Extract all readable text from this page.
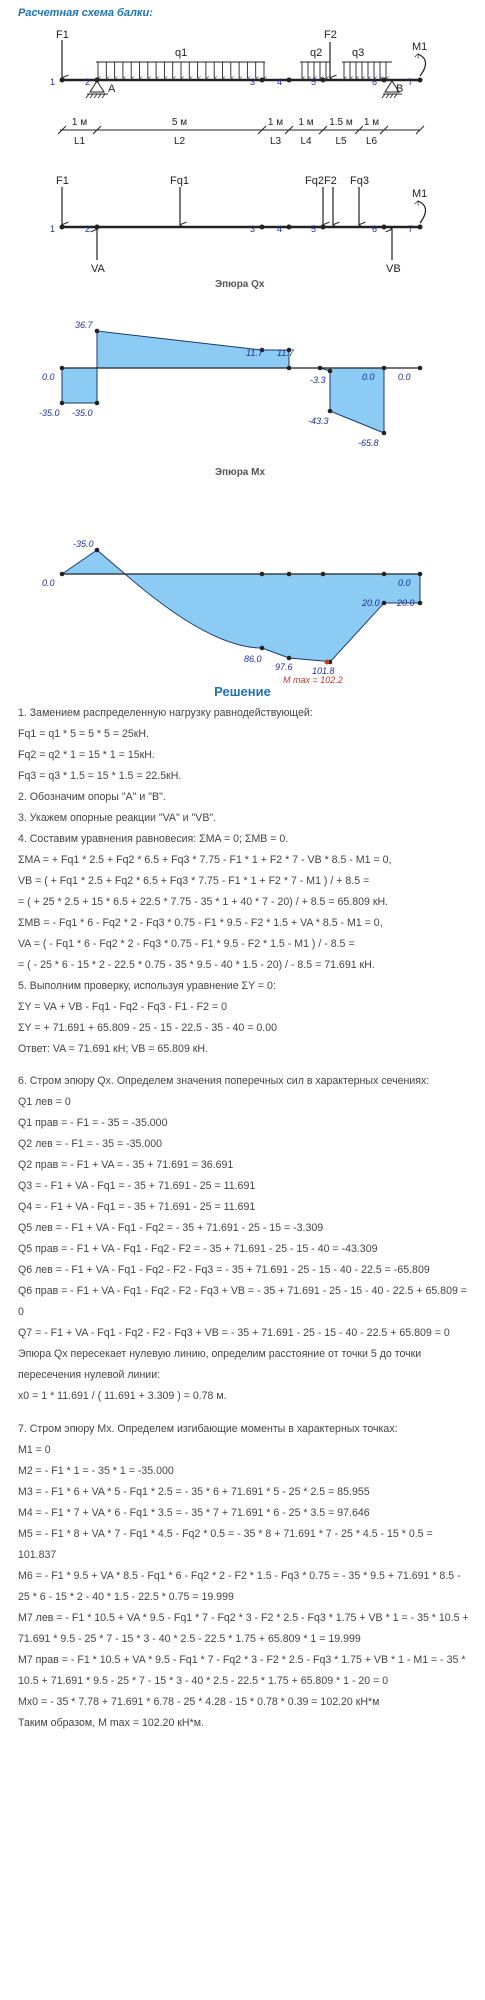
Расчетная схема балки:
F1	F2
q1	q2	q3	M1
A	B
1	2	3 4	5	6	7
1 м
L1
5 м
L2
1 м
L3
1 м
L4
1.5 м
L5
1 м
L6
F1	Fq1	Fq2F2 Fq3
VA	VB
M1
1	2	3 4	5	6	7
Эпюра Qx
36.7
11.7 11.7
0.0
-35.0 -35.0
-3.3	0.0	0.0
-43.3
-65.8
Эпюра Mx
-35.0
0.0	0.0
20.0 20.0
86.0
97.6 101.8
M max = 102.2
Решение
1. Замением распределенную нагрузку равнодействующей:
Fq1 = q1 * 5 = 5 * 5 = 25кН.
Fq2 = q2 * 1 = 15 * 1 = 15кН.
Fq3 = q3 * 1.5 = 15 * 1.5 = 22.5кН.
2. Обозначим опоры "A" и "B".
3. Укажем опорные реакции "VA" и "VB".
4. Составим уравнения равновесия: ΣMA = 0; ΣMB = 0.
ΣMA = + Fq1 * 2.5 + Fq2 * 6.5 + Fq3 * 7.75 - F1 * 1 + F2 * 7 - VB * 8.5 - M1 = 0,
VB = ( + Fq1 * 2.5 + Fq2 * 6.5 + Fq3 * 7.75 - F1 * 1 + F2 * 7 - M1 ) / + 8.5 =
= ( + 25 * 2.5 + 15 * 6.5 + 22.5 * 7.75 - 35 * 1 + 40 * 7 - 20) / + 8.5 = 65.809 кН.
ΣMB = - Fq1 * 6 - Fq2 * 2 - Fq3 * 0.75 - F1 * 9.5 - F2 * 1.5 + VA * 8.5 - M1 = 0,
VA = ( - Fq1 * 6 - Fq2 * 2 - Fq3 * 0.75 - F1 * 9.5 - F2 * 1.5 - M1 ) / - 8.5 =
= ( - 25 * 6 - 15 * 2 - 22.5 * 0.75 - 35 * 9.5 - 40 * 1.5 - 20) / - 8.5 = 71.691 кН.
5. Выполним проверку, используя уравнение ΣY = 0:
ΣY = VA + VB - Fq1 - Fq2 - Fq3 - F1 - F2 = 0
ΣY = + 71.691 + 65.809 - 25 - 15 - 22.5 - 35 - 40 = 0.00
Ответ: VA = 71.691 кН; VB = 65.809 кН.
6. Стром эпюру Qx. Определем значения поперечных сил в характерных сечениях:
Q1 лев = 0
Q1 прав = - F1 = - 35 = -35.000
Q2 лев = - F1 = - 35 = -35.000
Q2 прав = - F1 + VA = - 35 + 71.691 = 36.691
Q3 = - F1 + VA - Fq1 = - 35 + 71.691 - 25 = 11.691
Q4 = - F1 + VA - Fq1 = - 35 + 71.691 - 25 = 11.691
Q5 лев = - F1 + VA - Fq1 - Fq2 = - 35 + 71.691 - 25 - 15 = -3.309
Q5 прав = - F1 + VA - Fq1 - Fq2 - F2 = - 35 + 71.691 - 25 - 15 - 40 = -43.309
Q6 лев = - F1 + VA - Fq1 - Fq2 - F2 - Fq3 = - 35 + 71.691 - 25 - 15 - 40 - 22.5 = -65.809
Q6 прав = - F1 + VA - Fq1 - Fq2 - F2 - Fq3 + VB = - 35 + 71.691 - 25 - 15 - 40 - 22.5 + 65.809 = 0
Q7 = - F1 + VA - Fq1 - Fq2 - F2 - Fq3 + VB = - 35 + 71.691 - 25 - 15 - 40 - 22.5 + 65.809 = 0
Эпюра Qx пересекает нулевую линию, определим расстояние от точки 5 до точки пересечения нулевой линии:
x0 = 1 * 11.691 / ( 11.691 + 3.309 ) = 0.78 м.
7. Стром эпюру Mx. Определем изгибающие моменты в характерных точках:
M1 = 0
M2 = - F1 * 1 = - 35 * 1 = -35.000
M3 = - F1 * 6 + VA * 5 - Fq1 * 2.5 = - 35 * 6 + 71.691 * 5 - 25 * 2.5 = 85.955
M4 = - F1 * 7 + VA * 6 - Fq1 * 3.5 = - 35 * 7 + 71.691 * 6 - 25 * 3.5 = 97.646
M5 = - F1 * 8 + VA * 7 - Fq1 * 4.5 - Fq2 * 0.5 = - 35 * 8 + 71.691 * 7 - 25 * 4.5 - 15 * 0.5 = 101.837
M6 = - F1 * 9.5 + VA * 8.5 - Fq1 * 6 - Fq2 * 2 - F2 * 1.5 - Fq3 * 0.75 = - 35 * 9.5 + 71.691 * 8.5 - 25 * 6 - 15 * 2 - 40 * 1.5 - 22.5 * 0.75 = 19.999
M7 лев = - F1 * 10.5 + VA * 9.5 - Fq1 * 7 - Fq2 * 3 - F2 * 2.5 - Fq3 * 1.75 + VB * 1 = - 35 * 10.5 + 71.691 * 9.5 - 25 * 7 - 15 * 3 - 40 * 2.5 - 22.5 * 1.75 + 65.809 * 1 = 19.999
M7 прав = - F1 * 10.5 + VA * 9.5 - Fq1 * 7 - Fq2 * 3 - F2 * 2.5 - Fq3 * 1.75 + VB * 1 - M1 = - 35 * 10.5 + 71.691 * 9.5 - 25 * 7 - 15 * 3 - 40 * 2.5 - 22.5 * 1.75 + 65.809 * 1 - 20 = 0
Mx0 = - 35 * 7.78 + 71.691 * 6.78 - 25 * 4.28 - 15 * 0.78 * 0.39 = 102.20 кН*м
Таким образом, M max = 102.20 кН*м.
